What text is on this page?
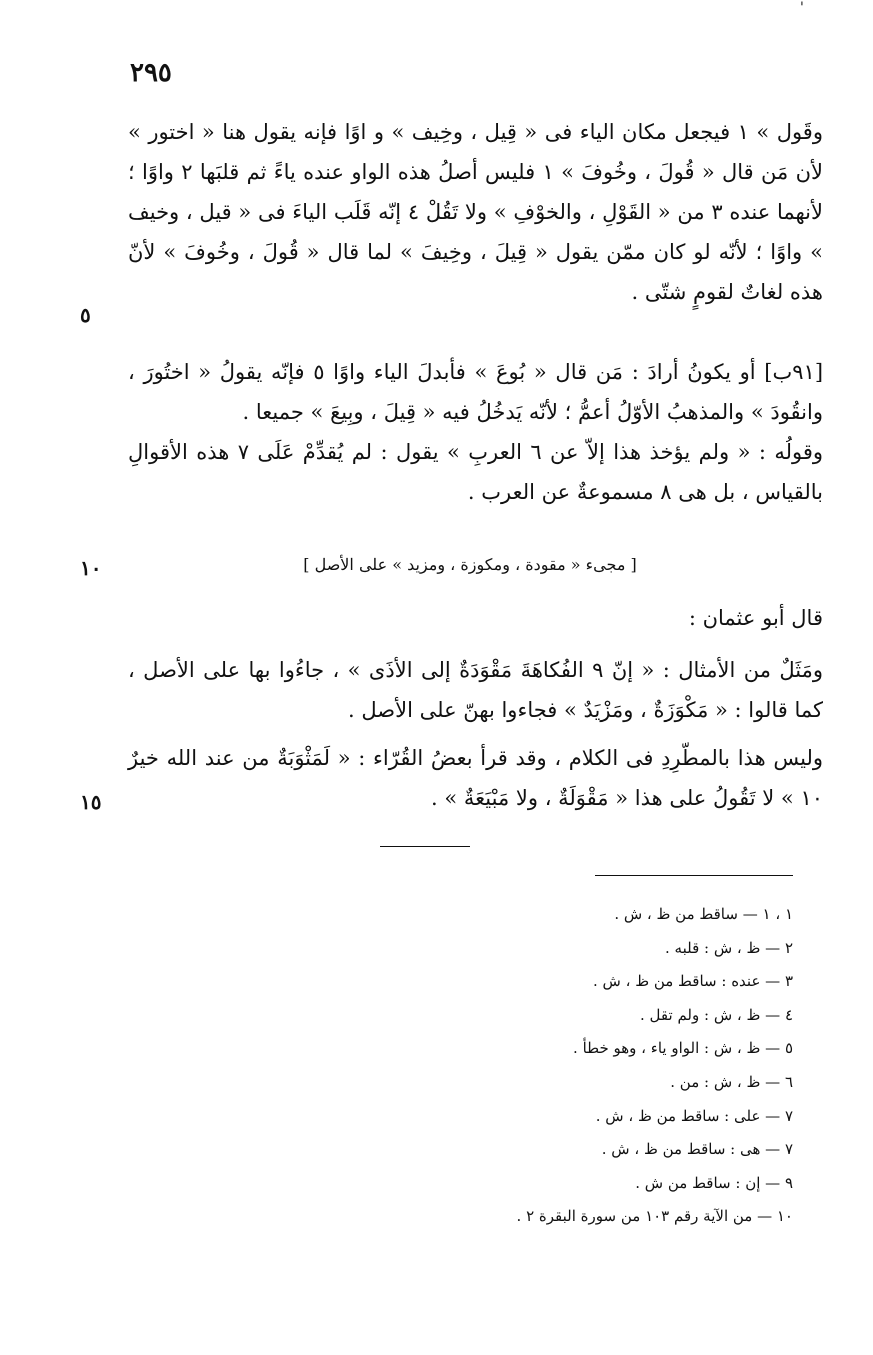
'
٢٩٥

وقَول » ١ فيجعل مكان الياء فى « قِيل ، وخِيف » و اوًا فإنه يقول هنا « اختور » لأن مَن قال « قُولَ ، وخُوفَ » ١ فليس أصلُ هذه الواو عنده ياءً ثم قلبَها ٢ واوًا ؛ لأنهما عنده ٣ من « القَوْلِ ، والخوْفِ » ولا تَقُلْ ٤ إنّه قَلَب الياءَ فى « قيل ، وخيف » واوًا ؛ لأنّه لو كان ممّن يقول « قِيلَ ، وخِيفَ » لما قال « قُولَ ، وخُوفَ » لأنّ هذه لغاتٌ لقومٍ شتّى .

[٩١ب] أو يكونُ أرادَ : مَن قال « بُوعَ » فأبدلَ الياء واوًا ٥ فإنّه يقولُ « اختُورَ ، وانقُودَ » والمذهبُ الأوّلُ أعمُّ ؛ لأنّه يَدخُلُ فيه « قِيلَ ، وبِيعَ » جميعا .

وقولُه : « ولم يؤخذ هذا إلاّ عن ٦ العربِ » يقول : لم يُقدِّمْ عَلَى ٧ هذه الأقوالِ بالقياس ، بل هى ٨ مسموعةٌ عن العرب .

٥
١٠
١٥
[ مجىء « مقودة ، ومكوزة ، ومزيد » على الأصل ]

قال أبو عثمان :

ومَثَلٌ من الأمثال : « إنّ ٩ الفُكاهَةَ مَقْوَدَةٌ إلى الأذَى » ، جاءُوا بها على الأصل ، كما قالوا : « مَكْوَزَةٌ ، ومَزْيَدٌ » فجاءوا بهنّ على الأصل .

وليس هذا بالمطّرِدِ فى الكلام ، وقد قرأ بعضُ القُرّاء : « لَمَثْوَبَةٌ من عند الله خيرٌ ١٠ » لا تَقُولُ على هذا « مَقْوَلَةٌ ، ولا مَبْيَعَةٌ » .

١ ، ١ — ساقط من ظ ، ش .
٢ — ظ ، ش : قلبه .
٣ — عنده : ساقط من ظ ، ش .
٤ — ظ ، ش : ولم تقل .
٥ — ظ ، ش : الواو ياء ، وهو خطأ .
٦ — ظ ، ش : من .
٧ — على : ساقط من ظ ، ش .
٧ — هى : ساقط من ظ ، ش .
٩ — إن : ساقط من ش .
١٠ — من الآية رقم ١٠٣ من سورة البقرة ٢ .
